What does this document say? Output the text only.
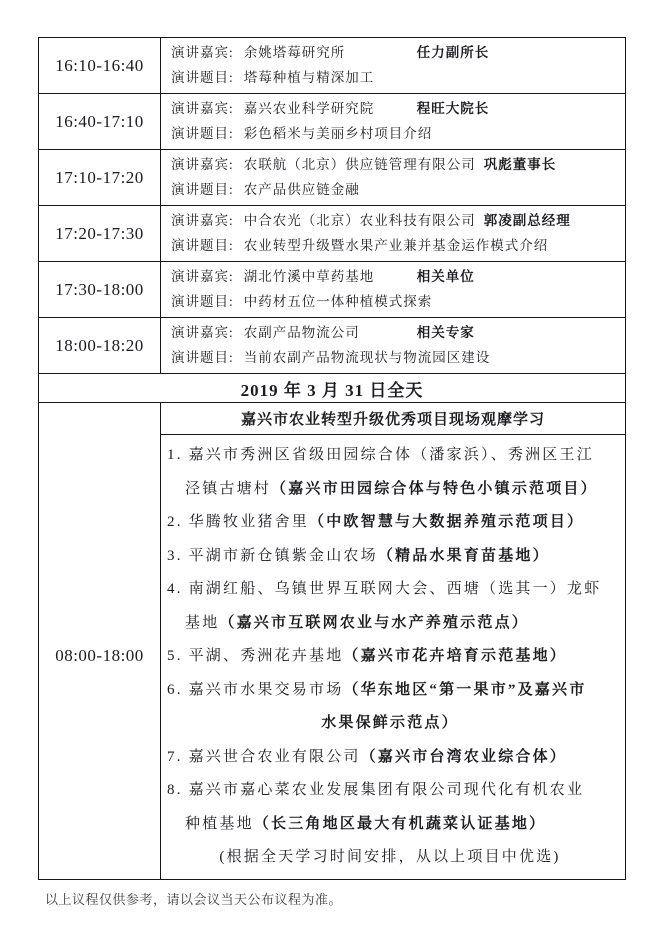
16:10-16:40	演讲嘉宾: 余姚塔莓研究所 任力副所长
演讲题目: 塔莓种植与精深加工

16:40-17:10	演讲嘉宾: 嘉兴农业科学研究院 程旺大院长
演讲题目: 彩色稻米与美丽乡村项目介绍

17:10-17:20	演讲嘉宾: 农联航（北京）供应链管理有限公司 巩彪董事长
演讲题目: 农产品供应链金融

17:20-17:30	演讲嘉宾: 中合农光（北京）农业科技有限公司 郭凌副总经理
演讲题目: 农业转型升级暨水果产业兼并基金运作模式介绍

17:30-18:00	演讲嘉宾: 湖北竹溪中草药基地 相关单位
演讲题目: 中药材五位一体种植模式探索

18:00-18:20	演讲嘉宾: 农副产品物流公司 相关专家
演讲题目: 当前农副产品物流现状与物流园区建设

2019 年 3 月 31 日全天	
08:00-18:00	嘉兴市农业转型升级优秀项目现场观摩学习

1. 嘉兴市秀洲区省级田园综合体（潘家浜）、秀洲区王江
泾镇古塘村（嘉兴市田园综合体与特色小镇示范项目）
2. 华腾牧业猪舍里（中欧智慧与大数据养殖示范项目）
3. 平湖市新仓镇紫金山农场（精品水果育苗基地）
4. 南湖红船、乌镇世界互联网大会、西塘（选其一）龙虾
基地（嘉兴市互联网农业与水产养殖示范点）
5. 平湖、秀洲花卉基地（嘉兴市花卉培育示范基地）
6. 嘉兴市水果交易市场（华东地区“第一果市”及嘉兴市
水果保鲜示范点）
7. 嘉兴世合农业有限公司（嘉兴市台湾农业综合体）
8. 嘉兴市嘉心菜农业发展集团有限公司现代化有机农业
种植基地（长三角地区最大有机蔬菜认证基地）
(根据全天学习时间安排，从以上项目中优选)
以上议程仅供参考，请以会议当天公布议程为准。
